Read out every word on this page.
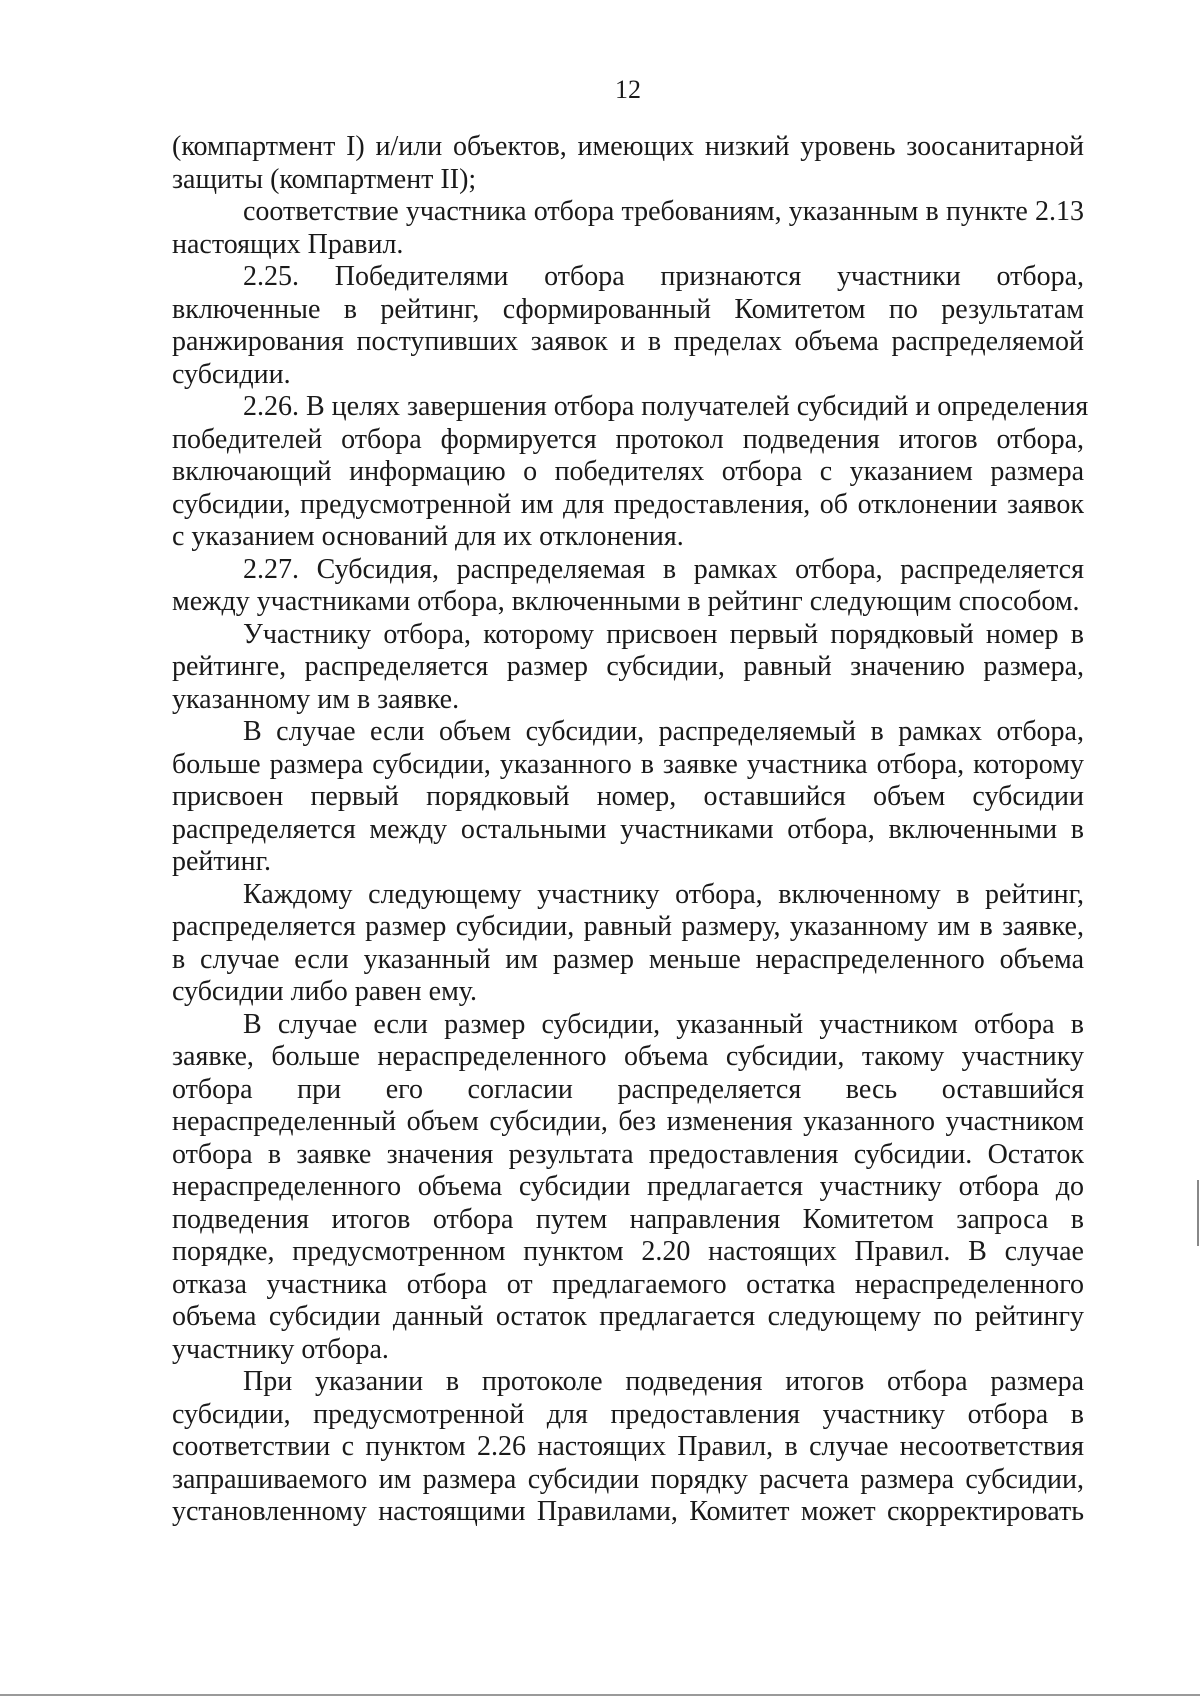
12
(компартмент I) и/или объектов, имеющих низкий уровень зоосанитарной
защиты (компартмент II);
соответствие участника отбора требованиям, указанным в пункте 2.13
настоящих Правил.
2.25. Победителями отбора признаются участники отбора,
включенные в рейтинг, сформированный Комитетом по результатам
ранжирования поступивших заявок и в пределах объема распределяемой
субсидии.
2.26. В целях завершения отбора получателей субсидий и определения
победителей отбора формируется протокол подведения итогов отбора,
включающий информацию о победителях отбора с указанием размера
субсидии, предусмотренной им для предоставления, об отклонении заявок
с указанием оснований для их отклонения.
2.27. Субсидия, распределяемая в рамках отбора, распределяется
между участниками отбора, включенными в рейтинг следующим способом.
Участнику отбора, которому присвоен первый порядковый номер в
рейтинге, распределяется размер субсидии, равный значению размера,
указанному им в заявке.
В случае если объем субсидии, распределяемый в рамках отбора,
больше размера субсидии, указанного в заявке участника отбора, которому
присвоен первый порядковый номер, оставшийся объем субсидии
распределяется между остальными участниками отбора, включенными в
рейтинг.
Каждому следующему участнику отбора, включенному в рейтинг,
распределяется размер субсидии, равный размеру, указанному им в заявке,
в случае если указанный им размер меньше нераспределенного объема
субсидии либо равен ему.
В случае если размер субсидии, указанный участником отбора в
заявке, больше нераспределенного объема субсидии, такому участнику
отбора при его согласии распределяется весь оставшийся
нераспределенный объем субсидии, без изменения указанного участником
отбора в заявке значения результата предоставления субсидии. Остаток
нераспределенного объема субсидии предлагается участнику отбора до
подведения итогов отбора путем направления Комитетом запроса в
порядке, предусмотренном пунктом 2.20 настоящих Правил. В случае
отказа участника отбора от предлагаемого остатка нераспределенного
объема субсидии данный остаток предлагается следующему по рейтингу
участнику отбора.
При указании в протоколе подведения итогов отбора размера
субсидии, предусмотренной для предоставления участнику отбора в
соответствии с пунктом 2.26 настоящих Правил, в случае несоответствия
запрашиваемого им размера субсидии порядку расчета размера субсидии,
установленному настоящими Правилами, Комитет может скорректировать
